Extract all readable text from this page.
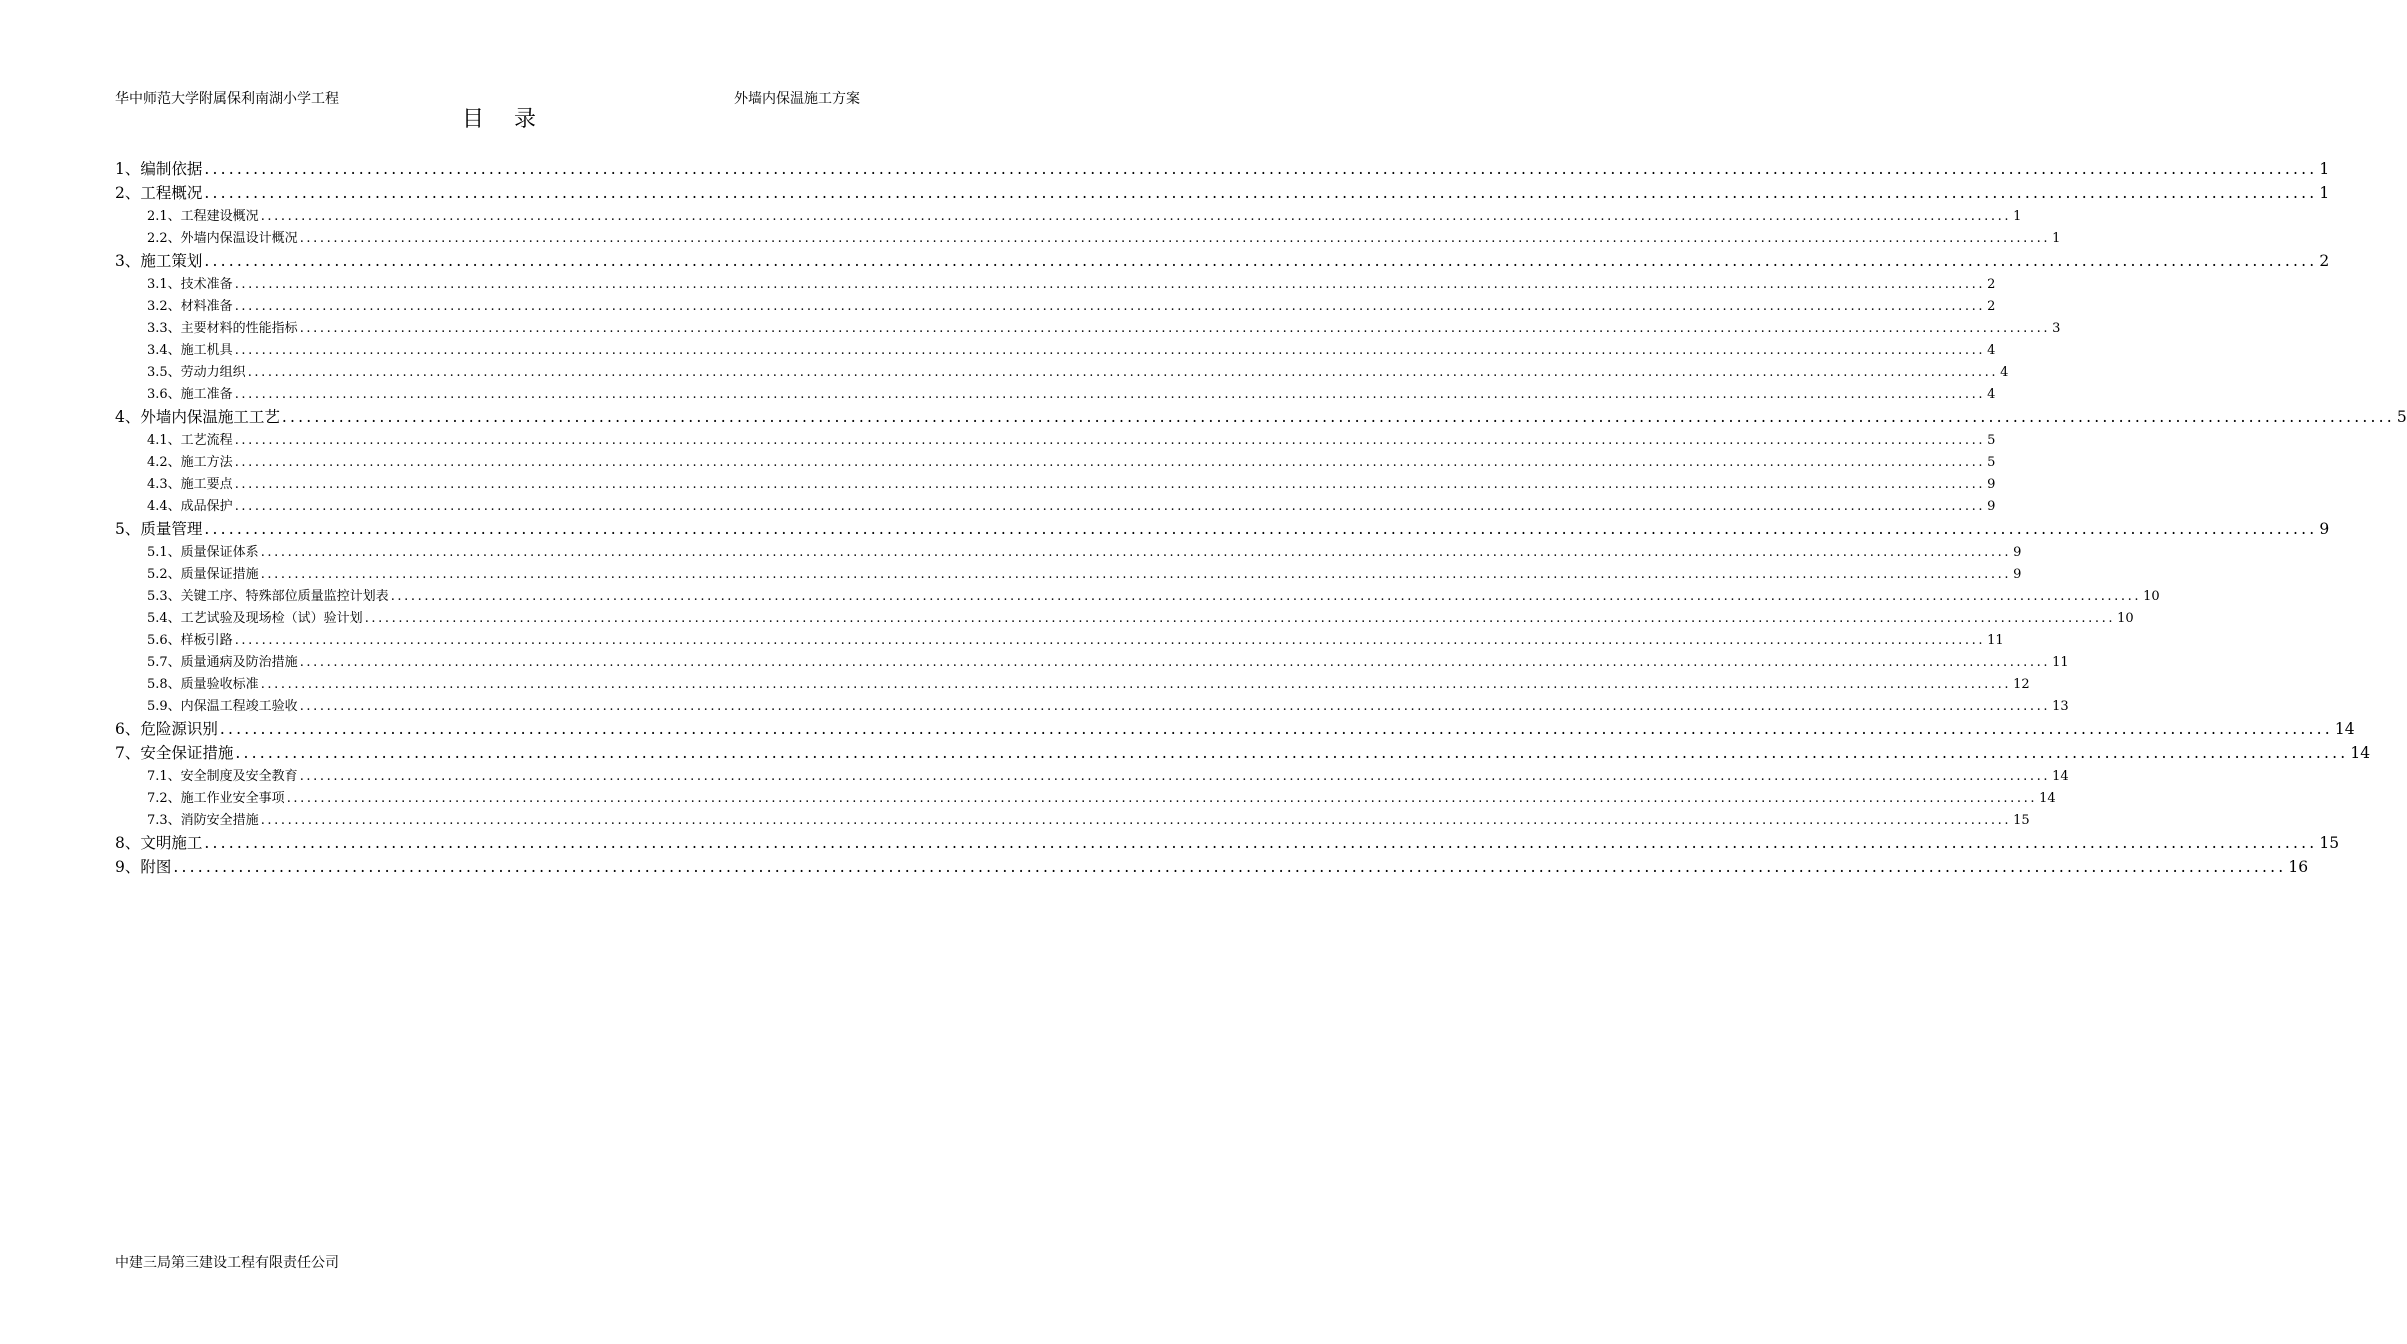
华中师范大学附属保利南湖小学工程	外墙内保温施工方案
目录
1、编制依据 .................................................................................................................................................................................................................................................................... 1
2、工程概况 .................................................................................................................................................................................................................................................................... 1
2.1、工程建设概况 .................................................................................................................................................................................................................................................................... 1
2.2、外墙内保温设计概况 .................................................................................................................................................................................................................................................................... 1
3、施工策划 .................................................................................................................................................................................................................................................................... 2
3.1、技术准备 .................................................................................................................................................................................................................................................................... 2
3.2、材料准备 .................................................................................................................................................................................................................................................................... 2
3.3、主要材料的性能指标 .................................................................................................................................................................................................................................................................... 3
3.4、施工机具 .................................................................................................................................................................................................................................................................... 4
3.5、劳动力组织 .................................................................................................................................................................................................................................................................... 4
3.6、施工准备 .................................................................................................................................................................................................................................................................... 4
4、外墙内保温施工工艺 .................................................................................................................................................................................................................................................................... 5
4.1、工艺流程 .................................................................................................................................................................................................................................................................... 5
4.2、施工方法 .................................................................................................................................................................................................................................................................... 5
4.3、施工要点 .................................................................................................................................................................................................................................................................... 9
4.4、成品保护 .................................................................................................................................................................................................................................................................... 9
5、质量管理 .................................................................................................................................................................................................................................................................... 9
5.1、质量保证体系 .................................................................................................................................................................................................................................................................... 9
5.2、质量保证措施 .................................................................................................................................................................................................................................................................... 9
5.3、关键工序、特殊部位质量监控计划表 .................................................................................................................................................................................................................................................................... 10
5.4、工艺试验及现场检（试）验计划 .................................................................................................................................................................................................................................................................... 10
5.6、样板引路 .................................................................................................................................................................................................................................................................... 11
5.7、质量通病及防治措施 .................................................................................................................................................................................................................................................................... 11
5.8、质量验收标准 .................................................................................................................................................................................................................................................................... 12
5.9、内保温工程竣工验收 .................................................................................................................................................................................................................................................................... 13
6、危险源识别 .................................................................................................................................................................................................................................................................... 14
7、安全保证措施 .................................................................................................................................................................................................................................................................... 14
7.1、安全制度及安全教育 .................................................................................................................................................................................................................................................................... 14
7.2、施工作业安全事项 .................................................................................................................................................................................................................................................................... 14
7.3、消防安全措施 .................................................................................................................................................................................................................................................................... 15
8、文明施工 .................................................................................................................................................................................................................................................................... 15
9、附图 .................................................................................................................................................................................................................................................................... 16
中建三局第三建设工程有限责任公司
